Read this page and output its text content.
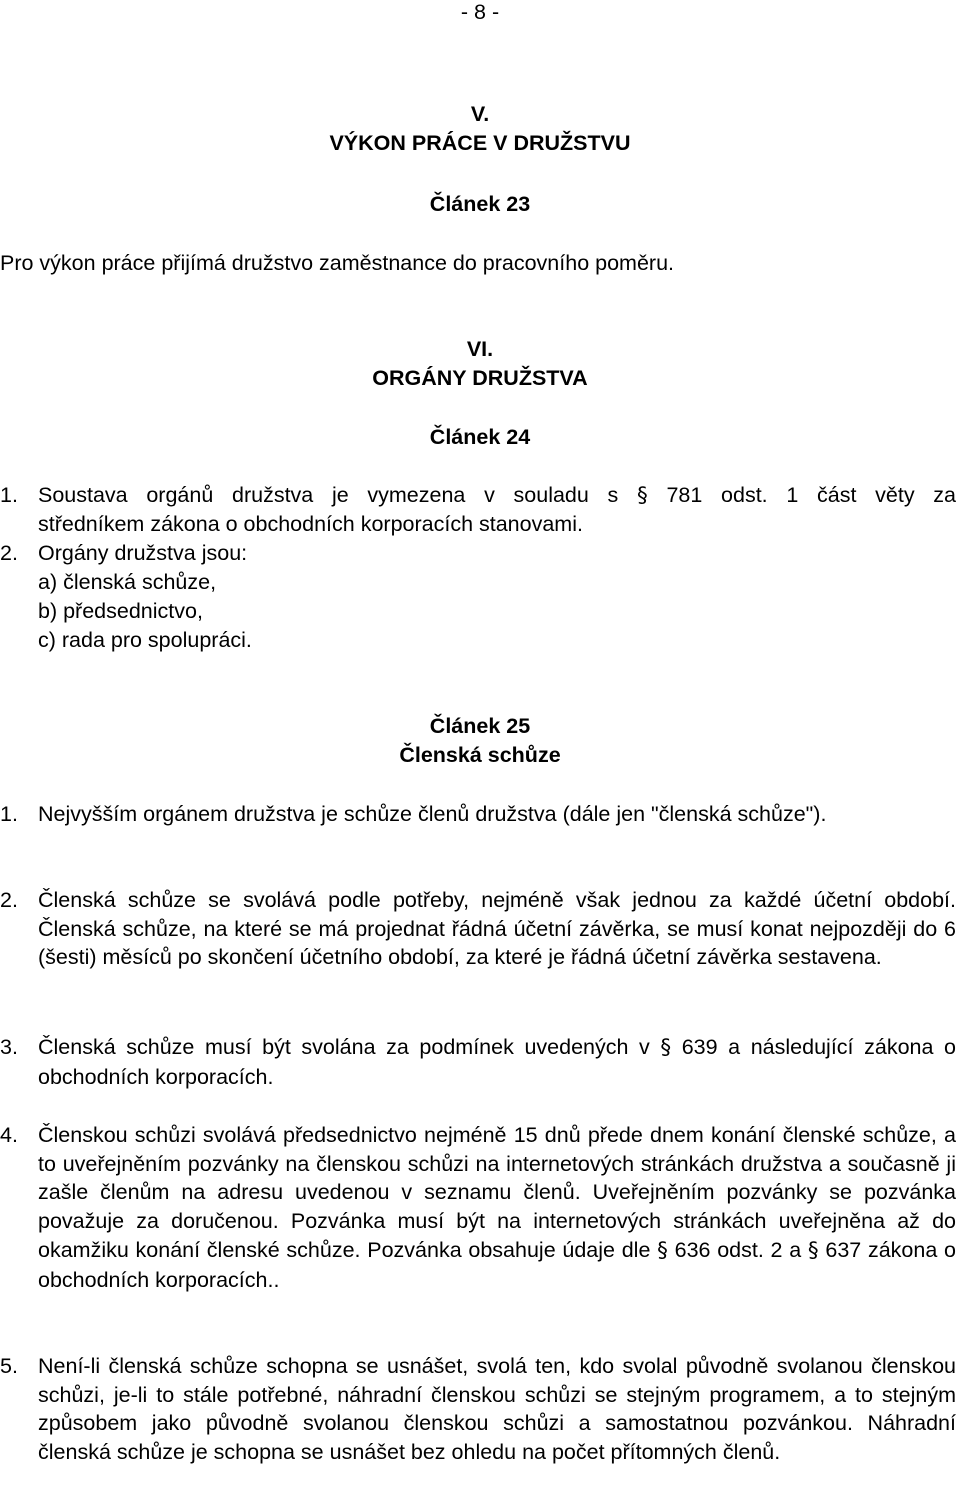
- 8 -
V.
VÝKON PRÁCE V DRUŽSTVU
Článek 23
Pro výkon práce přijímá družstvo zaměstnance do pracovního poměru.
VI.
ORGÁNY DRUŽSTVA
Článek 24
1. Soustava orgánů družstva je vymezena v souladu s § 781 odst. 1 část věty za
středníkem zákona o obchodních korporacích stanovami.
2. Orgány družstva jsou:
a) členská schůze,
b) předsednictvo,
c) rada pro spolupráci.
Článek 25
Členská schůze
1. Nejvyšším orgánem družstva je schůze členů družstva (dále jen "členská schůze").

2. Členská schůze se svolává podle potřeby, nejméně však jednou za každé účetní období. Členská schůze, na které se má projednat řádná účetní závěrka, se musí konat nejpozději do 6 (šesti) měsíců po skončení účetního období, za které je řádná účetní závěrka sestavena.

3. Členská schůze musí být svolána za podmínek uvedených v § 639 a následující zákona o obchodních korporacích.

4. Členskou schůzi svolává předsednictvo nejméně 15 dnů přede dnem konání členské schůze, a to uveřejněním pozvánky na členskou schůzi na internetových stránkách družstva a současně ji zašle členům na adresu uvedenou v seznamu členů. Uveřejněním pozvánky se pozvánka považuje za doručenou. Pozvánka musí být na internetových stránkách uveřejněna až do okamžiku konání členské schůze. Pozvánka obsahuje údaje dle § 636 odst. 2 a § 637 zákona o obchodních korporacích..

5. Není-li členská schůze schopna se usnášet, svolá ten, kdo svolal původně svolanou členskou schůzi, je-li to stále potřebné, náhradní členskou schůzi se stejným programem, a to stejným způsobem jako původně svolanou členskou schůzi a samostatnou pozvánkou. Náhradní členská schůze je schopna se usnášet bez ohledu na počet přítomných členů.
